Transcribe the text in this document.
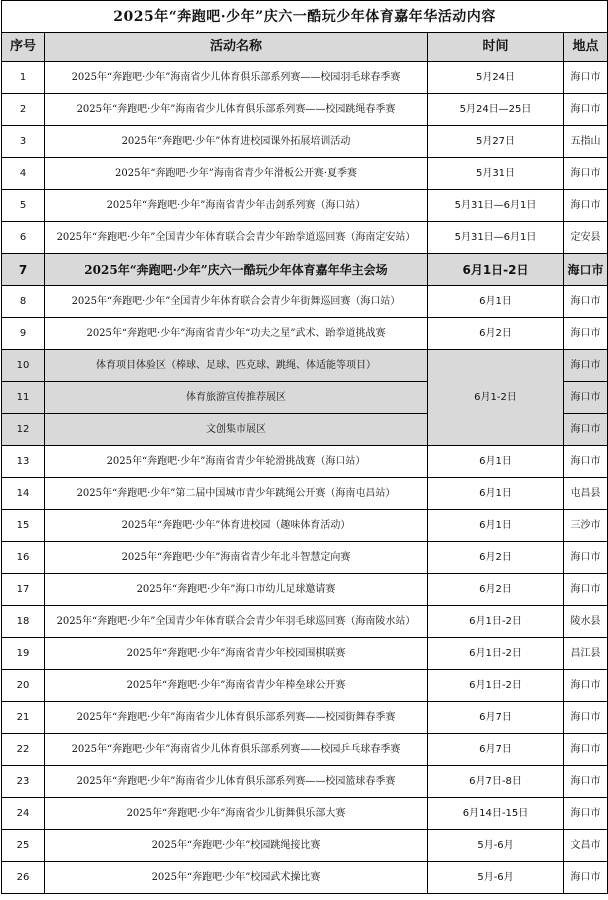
2025年“奔跑吧·少年”庆六一酷玩少年体育嘉年华活动内容			
序号	活动名称	时间	地点
1	2025年“奔跑吧·少年”海南省少儿体育俱乐部系列赛——校园羽毛球春季赛	5月24日	海口市
2	2025年“奔跑吧·少年”海南省少儿体育俱乐部系列赛——校园跳绳春季赛	5月24日—25日	海口市
3	2025年“奔跑吧·少年”体育进校园课外拓展培训活动	5月27日	五指山
4	2025年“奔跑吧·少年”海南省青少年滑板公开赛·夏季赛	5月31日	海口市
5	2025年“奔跑吧·少年”海南省青少年击剑系列赛（海口站）	5月31日—6月1日	海口市
6	2025年“奔跑吧·少年”全国青少年体育联合会青少年跆拳道巡回赛（海南定安站）	5月31日—6月1日	定安县
7	2025年“奔跑吧·少年”庆六一酷玩少年体育嘉年华主会场	6月1日-2日	海口市
8	2025年“奔跑吧·少年”全国青少年体育联合会青少年街舞巡回赛（海口站）	6月1日	海口市
9	2025年“奔跑吧·少年”海南省青少年“功夫之星”武术、跆拳道挑战赛	6月2日	海口市
10	体育项目体验区（棒球、足球、匹克球、跳绳、体适能等项目）	6月1-2日	海口市
11	体育旅游宣传推荐展区		海口市
12	文创集市展区		海口市
13	2025年“奔跑吧·少年”海南省青少年轮滑挑战赛（海口站）	6月1日	海口市
14	2025年“奔跑吧·少年”第二届中国城市青少年跳绳公开赛（海南屯昌站）	6月1日	屯昌县
15	2025年“奔跑吧·少年”体育进校园（趣味体育活动）	6月1日	三沙市
16	2025年“奔跑吧·少年”海南省青少年北斗智慧定向赛	6月2日	海口市
17	2025年“奔跑吧·少年”海口市幼儿足球邀请赛	6月2日	海口市
18	2025年“奔跑吧·少年”全国青少年体育联合会青少年羽毛球巡回赛（海南陵水站）	6月1日-2日	陵水县
19	2025年“奔跑吧·少年”海南省青少年校园围棋联赛	6月1日-2日	昌江县
20	2025年“奔跑吧·少年”海南省青少年棒垒球公开赛	6月1日-2日	海口市
21	2025年“奔跑吧·少年”海南省少儿体育俱乐部系列赛——校园街舞春季赛	6月7日	海口市
22	2025年“奔跑吧·少年”海南省少儿体育俱乐部系列赛——校园乒乓球春季赛	6月7日	海口市
23	2025年“奔跑吧·少年”海南省少儿体育俱乐部系列赛——校园篮球春季赛	6月7日-8日	海口市
24	2025年“奔跑吧·少年”海南省少儿街舞俱乐部大赛	6月14日-15日	海口市
25	2025年“奔跑吧·少年”校园跳绳接比赛	5月-6月	文昌市
26	2025年“奔跑吧·少年”校园武术操比赛	5月-6月	海口市
